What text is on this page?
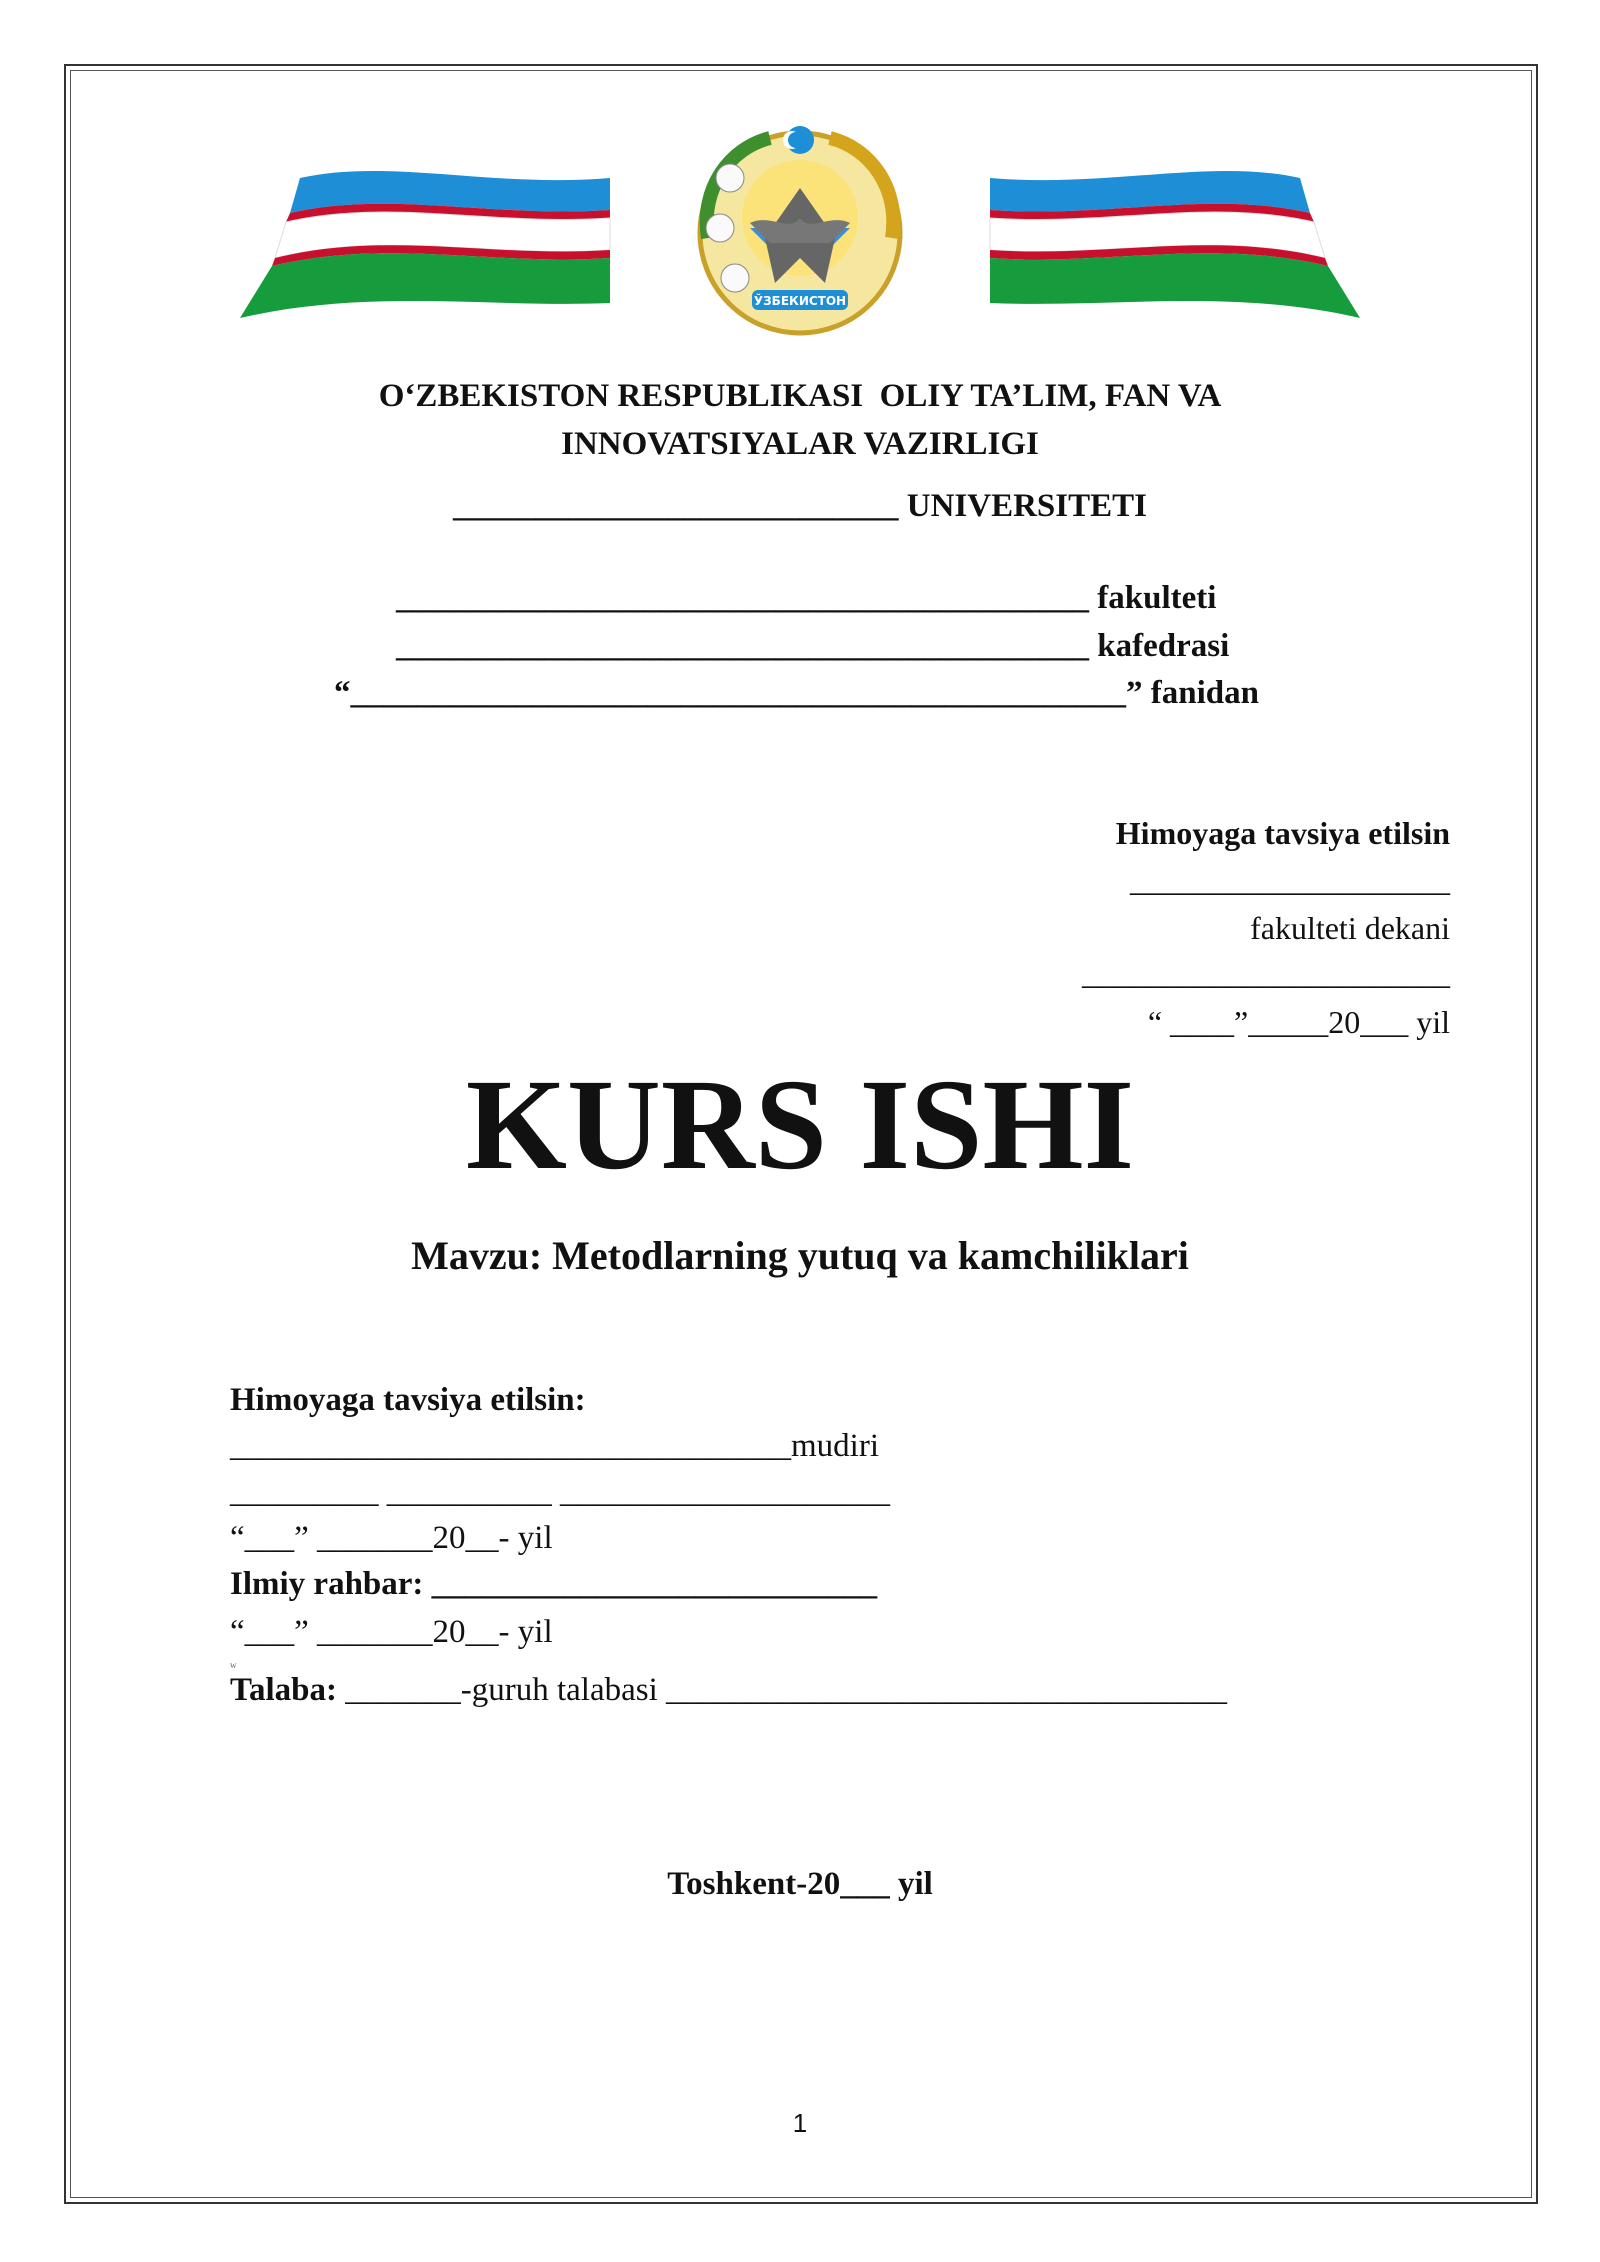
ЎЗБЕКИСТОН
O‘ZBEKISTON RESPUBLIKASI  OLIY TA’LIM, FAN VA
INNOVATSIYALAR VAZIRLIGI
___________________________ UNIVERSITETI
__________________________________________ fakulteti
__________________________________________ kafedrasi
“_______________________________________________” fanidan
Himoyaga tavsiya etilsin
____________________
fakulteti dekani
_______________________
“ ____”_____20___ yil
KURS ISHI
Mavzu: Metodlarning yutuq va kamchiliklari
Himoyaga tavsiya etilsin:
__________________________________mudiri
_________ __________ ____________________
“___” _______20__- yil
Ilmiy rahbar: ___________________________
“___” _______20__- yil
w
Talaba: _______-guruh talabasi __________________________________
Toshkent-20___ yil
1
